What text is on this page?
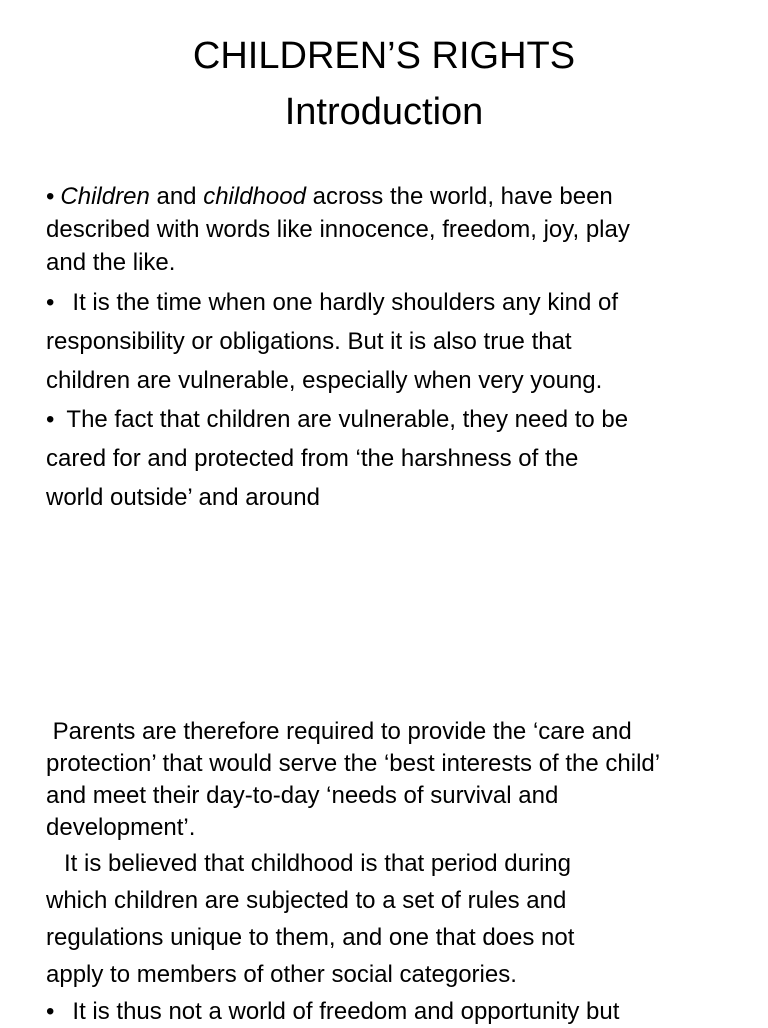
CHILDREN’S RIGHTS
Introduction
• Children and childhood across the world, have been
described with words like innocence, freedom, joy, play
and the like.
• It is the time when one hardly shoulders any kind of
responsibility or obligations. But it is also true that
children are vulnerable, especially when very young.
• The fact that children are vulnerable, they need to be
cared for and protected from ‘the harshness of the
world outside’ and around
Parents are therefore required to provide the ‘care and
protection’ that would serve the ‘best interests of the child’
and meet their day-to-day ‘needs of survival and
development’.
It is believed that childhood is that period during
which children are subjected to a set of rules and
regulations unique to them, and one that does not
apply to members of other social categories.
• It is thus not a world of freedom and opportunity but
